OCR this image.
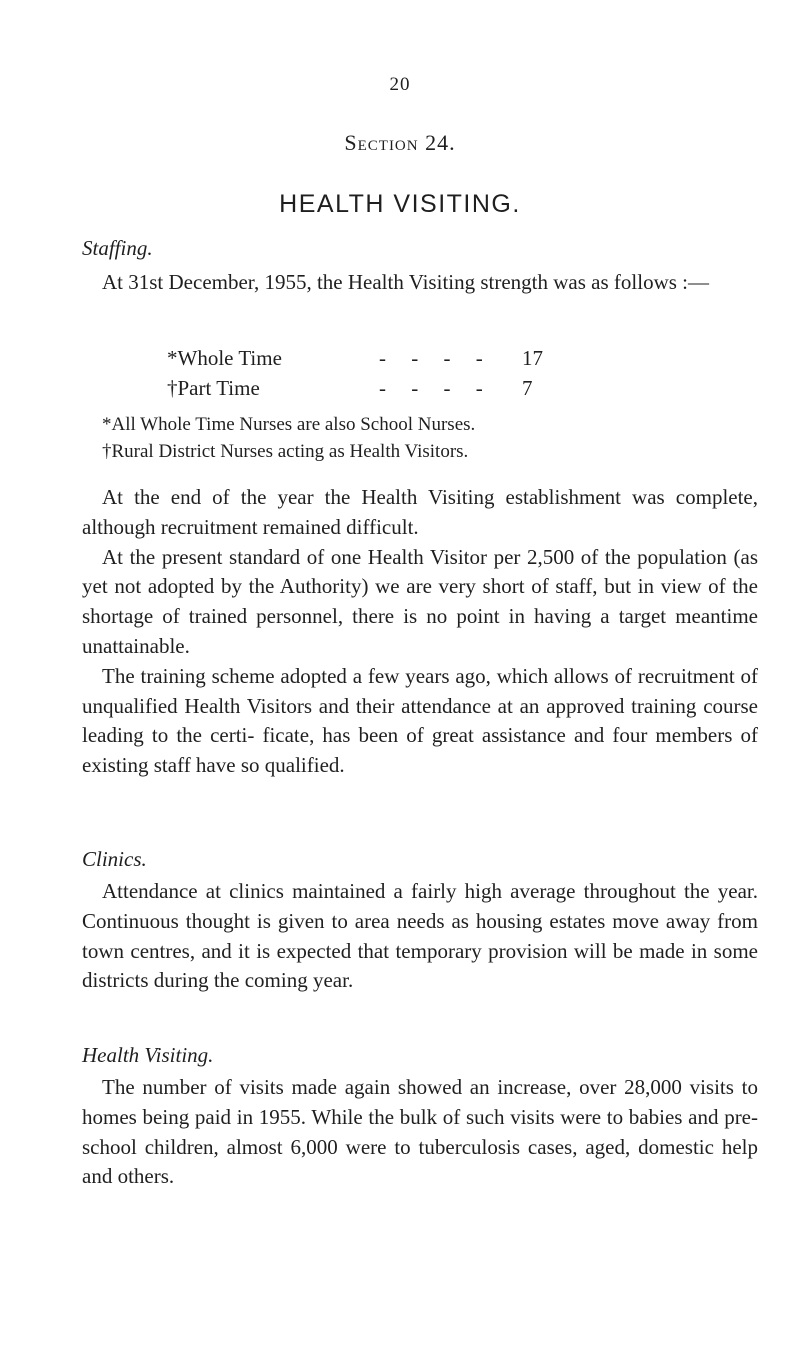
20
Section 24.
HEALTH VISITING.
Staffing.

At 31st December, 1955, the Health Visiting strength was as follows :—

*Whole Time	- - - - 17
†Part Time	- - - - 7
*All Whole Time Nurses are also School Nurses.
†Rural District Nurses acting as Health Visitors.

At the end of the year the Health Visiting establishment was complete, although recruitment remained difficult.

At the present standard of one Health Visitor per 2,500 of the population (as yet not adopted by the Authority) we are very short of staff, but in view of the shortage of trained personnel, there is no point in having a target meantime unattainable.

The training scheme adopted a few years ago, which allows of recruitment of unqualified Health Visitors and their attendance at an approved training course leading to the certi- ficate, has been of great assistance and four members of existing staff have so qualified.

Clinics.

Attendance at clinics maintained a fairly high average throughout the year. Continuous thought is given to area needs as housing estates move away from town centres, and it is expected that temporary provision will be made in some districts during the coming year.

Health Visiting.

The number of visits made again showed an increase, over 28,000 visits to homes being paid in 1955. While the bulk of such visits were to babies and pre-school children, almost 6,000 were to tuberculosis cases, aged, domestic help and others.
